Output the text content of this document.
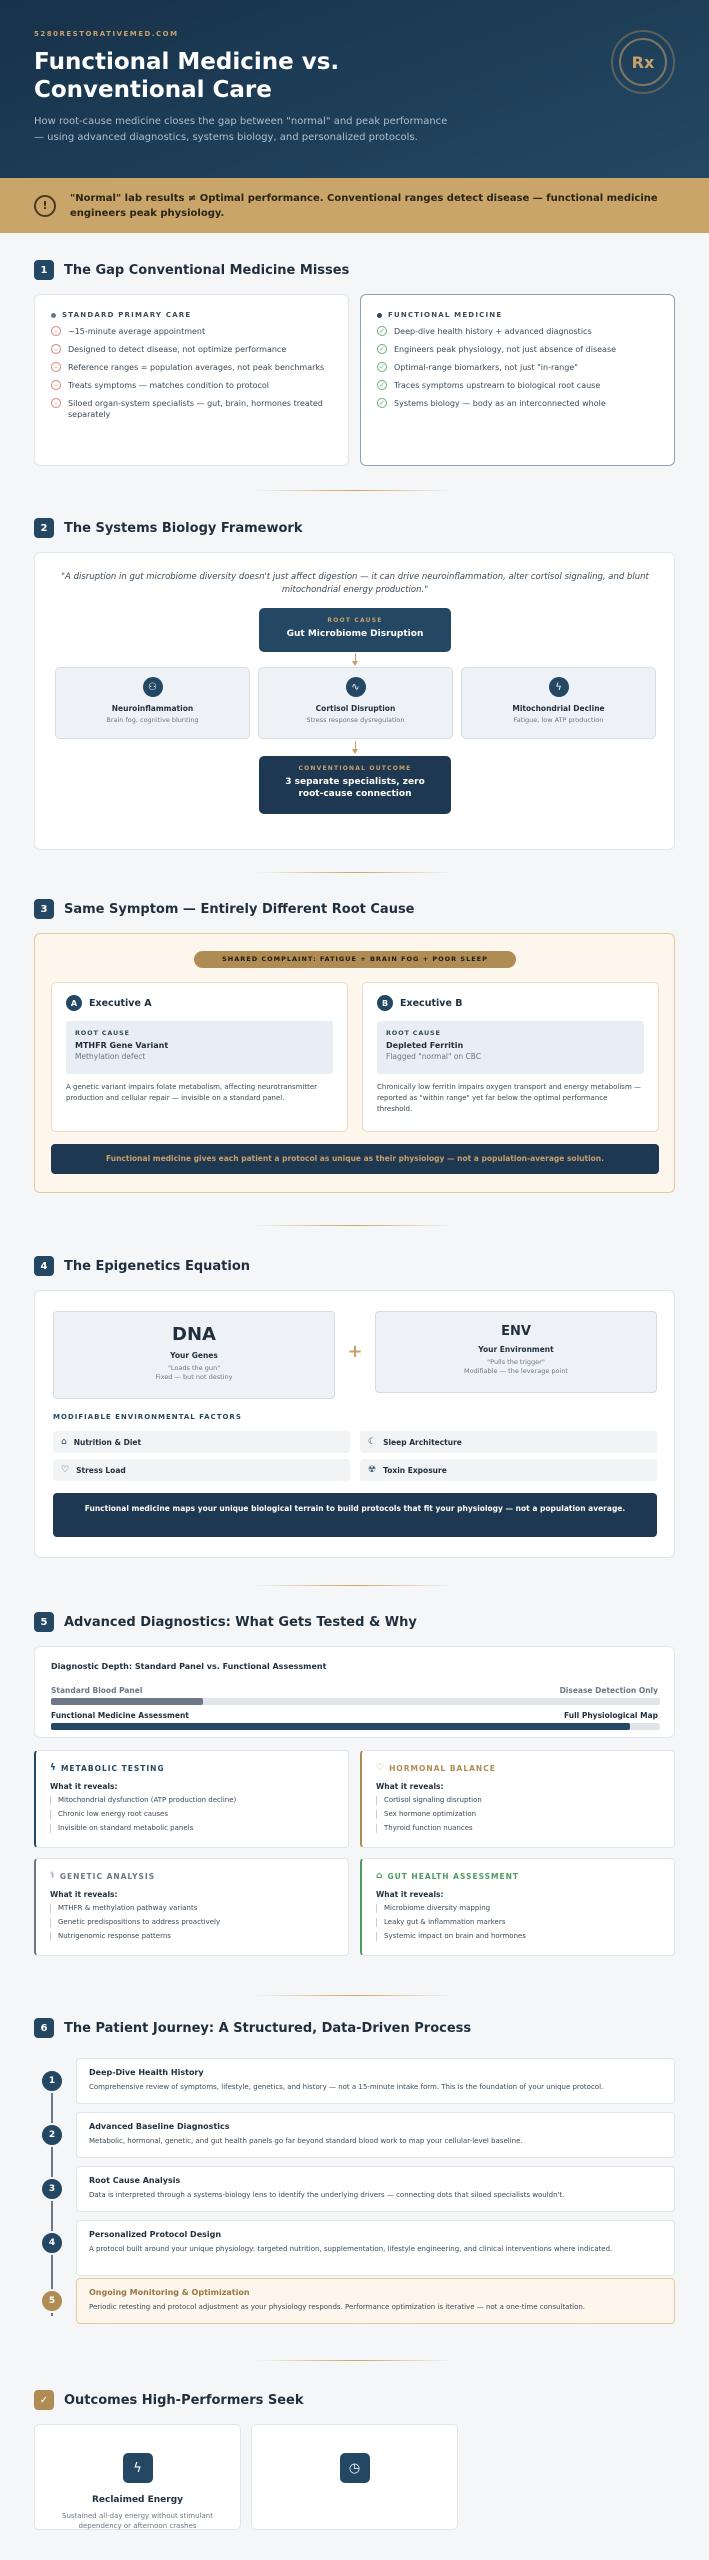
5280RESTORATIVEMED.COM
Functional Medicine vs. Conventional Care

How root-cause medicine closes the gap between "normal" and peak performance — using advanced diagnostics, systems biology, and personalized protocols.

Rx
!
"Normal" lab results ≠ Optimal performance. Conventional ranges detect disease — functional medicine engineers peak physiology.
1	The Gap Conventional Medicine Misses
STANDARD PRIMARY CARE
–	~15-minute average appointment
–	Designed to detect disease, not optimize performance
–	Reference ranges = population averages, not peak benchmarks
–	Treats symptoms — matches condition to protocol
–	Siloed organ-system specialists — gut, brain, hormones treated separately
FUNCTIONAL MEDICINE
✓ Deep-dive health history + advanced diagnostics
✓ Engineers peak physiology, not just absence of disease
✓ Optimal-range biomarkers, not just "in-range"
✓ Traces symptoms upstream to biological root cause
✓ Systems biology — body as an interconnected whole
2	The Systems Biology Framework
"A disruption in gut microbiome diversity doesn't just affect digestion — it can drive neuroinflammation, alter cortisol signaling, and blunt mitochondrial energy production."
ROOT CAUSE
Gut Microbiome Disruption
⚇
Neuroinflammation
Brain fog, cognitive blunting
∿
Cortisol Disruption
Stress response dysregulation
ϟ
Mitochondrial Decline
Fatigue, low ATP production
CONVENTIONAL OUTCOME
3 separate specialists, zero root-cause connection
3	Same Symptom — Entirely Different Root Cause
SHARED COMPLAINT: FATIGUE + BRAIN FOG + POOR SLEEP
A	Executive A
ROOT CAUSE
MTHFR Gene Variant
Methylation defect
A genetic variant impairs folate metabolism, affecting neurotransmitter production and cellular repair — invisible on a standard panel.
B	Executive B
ROOT CAUSE
Depleted Ferritin
Flagged "normal" on CBC
Chronically low ferritin impairs oxygen transport and energy metabolism — reported as "within range" yet far below the optimal performance threshold.
Functional medicine gives each patient a protocol as unique as their physiology — not a population-average solution.
4	The Epigenetics Equation
DNA
Your Genes
"Loads the gun"
Fixed — but not destiny
+
ENV
Your Environment
"Pulls the trigger"
Modifiable — the leverage point
MODIFIABLE ENVIRONMENTAL FACTORS
⌂ Nutrition & Diet	☾ Sleep Architecture
♡ Stress Load	☢ Toxin Exposure
Functional medicine maps your unique biological terrain to build protocols that fit your physiology — not a population average.
5	Advanced Diagnostics: What Gets Tested & Why
Diagnostic Depth: Standard Panel vs. Functional Assessment
Standard Blood Panel	Disease Detection Only
Functional Medicine Assessment	Full Physiological Map
ϟ METABOLIC TESTING
What it reveals:
Mitochondrial dysfunction (ATP production decline)
Chronic low energy root causes
Invisible on standard metabolic panels
♡ HORMONAL BALANCE
What it reveals:
Cortisol signaling disruption
Sex hormone optimization
Thyroid function nuances
⚕ GENETIC ANALYSIS
What it reveals:
MTHFR & methylation pathway variants
Genetic predispositions to address proactively
Nutrigenomic response patterns
⌂ GUT HEALTH ASSESSMENT
What it reveals:
Microbiome diversity mapping
Leaky gut & inflammation markers
Systemic impact on brain and hormones
6	The Patient Journey: A Structured, Data-Driven Process
Deep-Dive Health History
Comprehensive review of symptoms, lifestyle, genetics, and history — not a 15-minute intake form. This is the foundation of your unique protocol.
1
Advanced Baseline Diagnostics
Metabolic, hormonal, genetic, and gut health panels go far beyond standard blood work to map your cellular-level baseline.
2
Root Cause Analysis
Data is interpreted through a systems-biology lens to identify the underlying drivers — connecting dots that siloed specialists wouldn't.
3
Personalized Protocol Design
A protocol built around your unique physiology: targeted nutrition, supplementation, lifestyle engineering, and clinical interventions where indicated.
4
Ongoing Monitoring & Optimization
Periodic retesting and protocol adjustment as your physiology responds. Performance optimization is iterative — not a one-time consultation.
5
✓	Outcomes High-Performers Seek
ϟ
Reclaimed Energy
Sustained all-day energy without stimulant dependency or afternoon crashes
◷
